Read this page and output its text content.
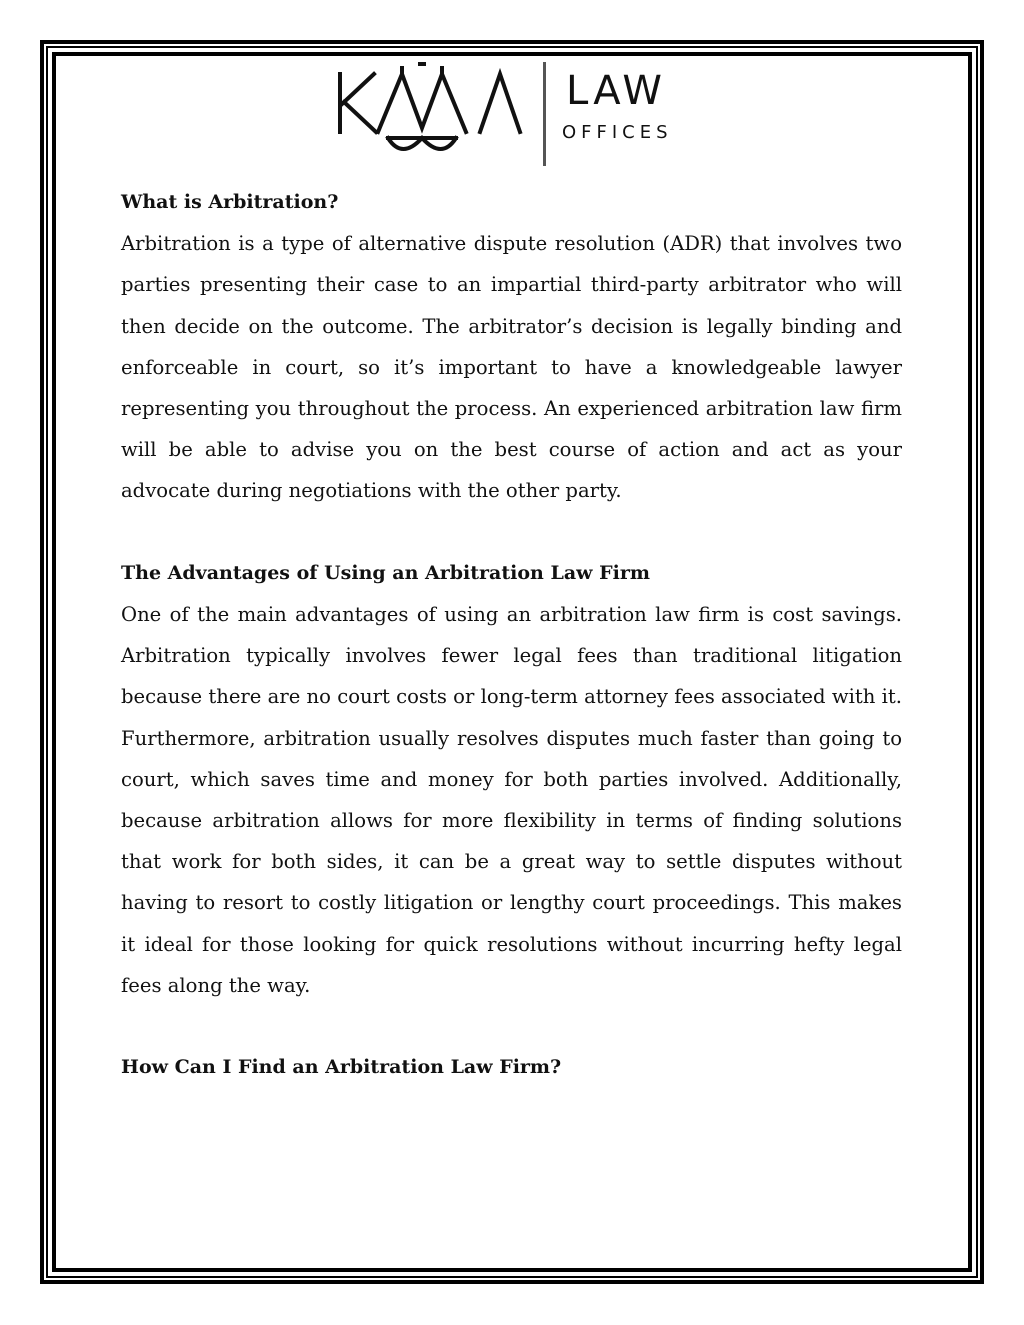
LAW
OFFICES
What is Arbitration?

Arbitration is a type of alternative dispute resolution (ADR) that involves two parties presenting their case to an impartial third-party arbitrator who will then decide on the outcome. The arbitrator’s decision is legally binding and enforceable in court, so it’s important to have a knowledgeable lawyer representing you throughout the process. An experienced arbitration law firm will be able to advise you on the best course of action and act as your advocate during negotiations with the other party.

The Advantages of Using an Arbitration Law Firm

One of the main advantages of using an arbitration law firm is cost savings. Arbitration typically involves fewer legal fees than traditional litigation because there are no court costs or long-term attorney fees associated with it. Furthermore, arbitration usually resolves disputes much faster than going to court, which saves time and money for both parties involved. Additionally, because arbitration allows for more flexibility in terms of finding solutions that work for both sides, it can be a great way to settle disputes without having to resort to costly litigation or lengthy court proceedings. This makes it ideal for those looking for quick resolutions without incurring hefty legal fees along the way.

How Can I Find an Arbitration Law Firm?
